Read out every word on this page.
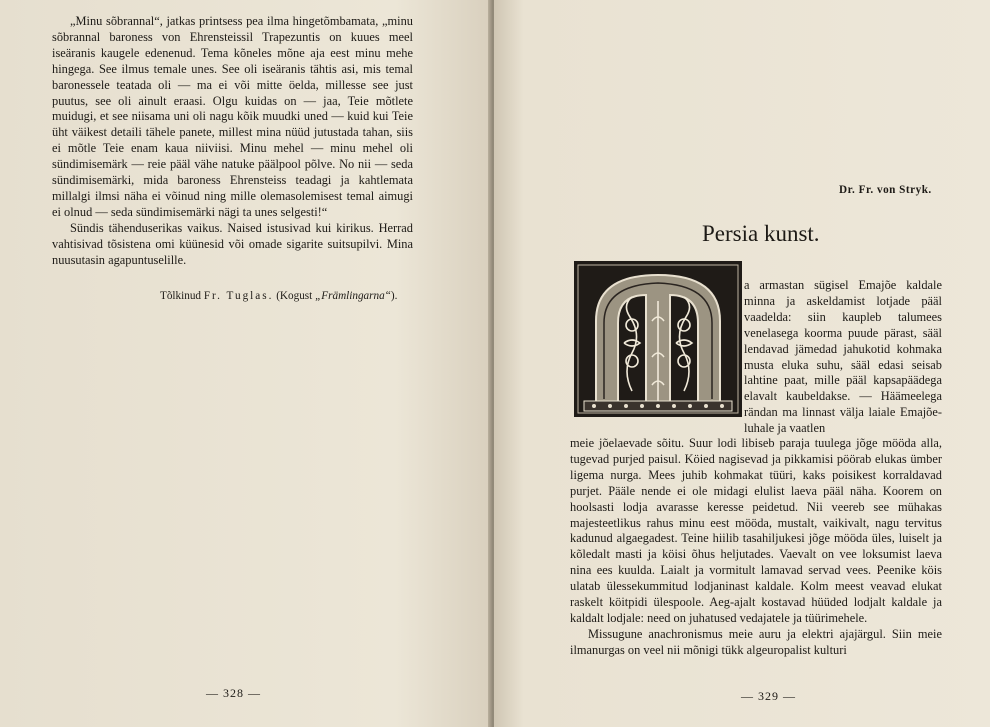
„Minu sõbrannal“, jatkas printsess pea ilma hingetõmbamata, „minu sõbrannal baroness von Ehrensteissil Trapezuntis on kuues meel iseäranis kaugele edenenud. Tema kõneles mõne aja eest minu mehe hingega. See ilmus temale unes. See oli iseäranis tähtis asi, mis temal baronessele teatada oli — ma ei või mitte öelda, millesse see just puutus, see oli ainult eraasi. Olgu kuidas on — jaa, Teie mõtlete muidugi, et see niisama uni oli nagu kõik muudki uned — kuid kui Teie üht väikest detaili tähele panete, millest mina nüüd jutustada tahan, siis ei mõtle Teie enam kaua niiviisi. Minu mehel — minu mehel oli sündimisemärk — reie pääl vähe natuke päälpool põlve. No nii — seda sündimisemärki, mida baroness Ehrensteiss teadagi ja kahtlemata millalgi ilmsi näha ei võinud ning mille olemasolemisest temal aimugi ei olnud — seda sündimisemärki nägi ta unes selgesti!“

Sündis tähenduserikas vaikus. Naised istusivad kui kirikus. Herrad vahtisivad tõsistena omi küünesid või omade sigarite suitsupilvi. Mina nuusutasin agapuntuselille.

Tõlkinud Fr. Tuglas. (Kogust „Främlingarna“).
— 328 —
Dr. Fr. von Stryk.
Persia kunst.

a armastan sügisel Emajõe kaldale minna ja askeldamist lotjade pääl vaadelda: siin kaupleb talumees venelasega koorma puude pärast, sääl lendavad jämedad jahukotid kohmaka musta eluka suhu, sääl edasi seisab lahtine paat, mille pääl kapsapäädega elavalt kaubeldakse. — Häämeelega rändan ma linnast välja laiale Emajõe-luhale ja vaatlen

meie jõelaevade sõitu. Suur lodi libiseb paraja tuulega jõge mööda alla, tugevad purjed paisul. Köied nagisevad ja pikkamisi pöörab elukas ümber ligema nurga. Mees juhib kohmakat tüüri, kaks poisikest korraldavad purjet. Pääle nende ei ole midagi elulist laeva pääl näha. Koorem on hoolsasti lodja avarasse keresse peidetud. Nii veereb see mühakas majesteetlikus rahus minu eest mööda, mustalt, vaikivalt, nagu tervitus kadunud algaegadest. Teine hiilib tasahiljukesi jõge mööda üles, luiselt ja kõledalt masti ja köisi õhus heljutades. Vaevalt on vee loksumist laeva nina ees kuulda. Laialt ja vormitult lamavad servad vees. Peenike köis ulatab ülessekummitud lodjaninast kaldale. Kolm meest veavad elukat raskelt köitpidi ülespoole. Aeg-ajalt kostavad hüüded lodjalt kaldale ja kaldalt lodjale: need on juhatused vedajatele ja tüürimehele.

Missugune anachronismus meie auru ja elektri ajajärgul. Siin meie ilmanurgas on veel nii mõnigi tükk algeuropalist kulturi

— 329 —
